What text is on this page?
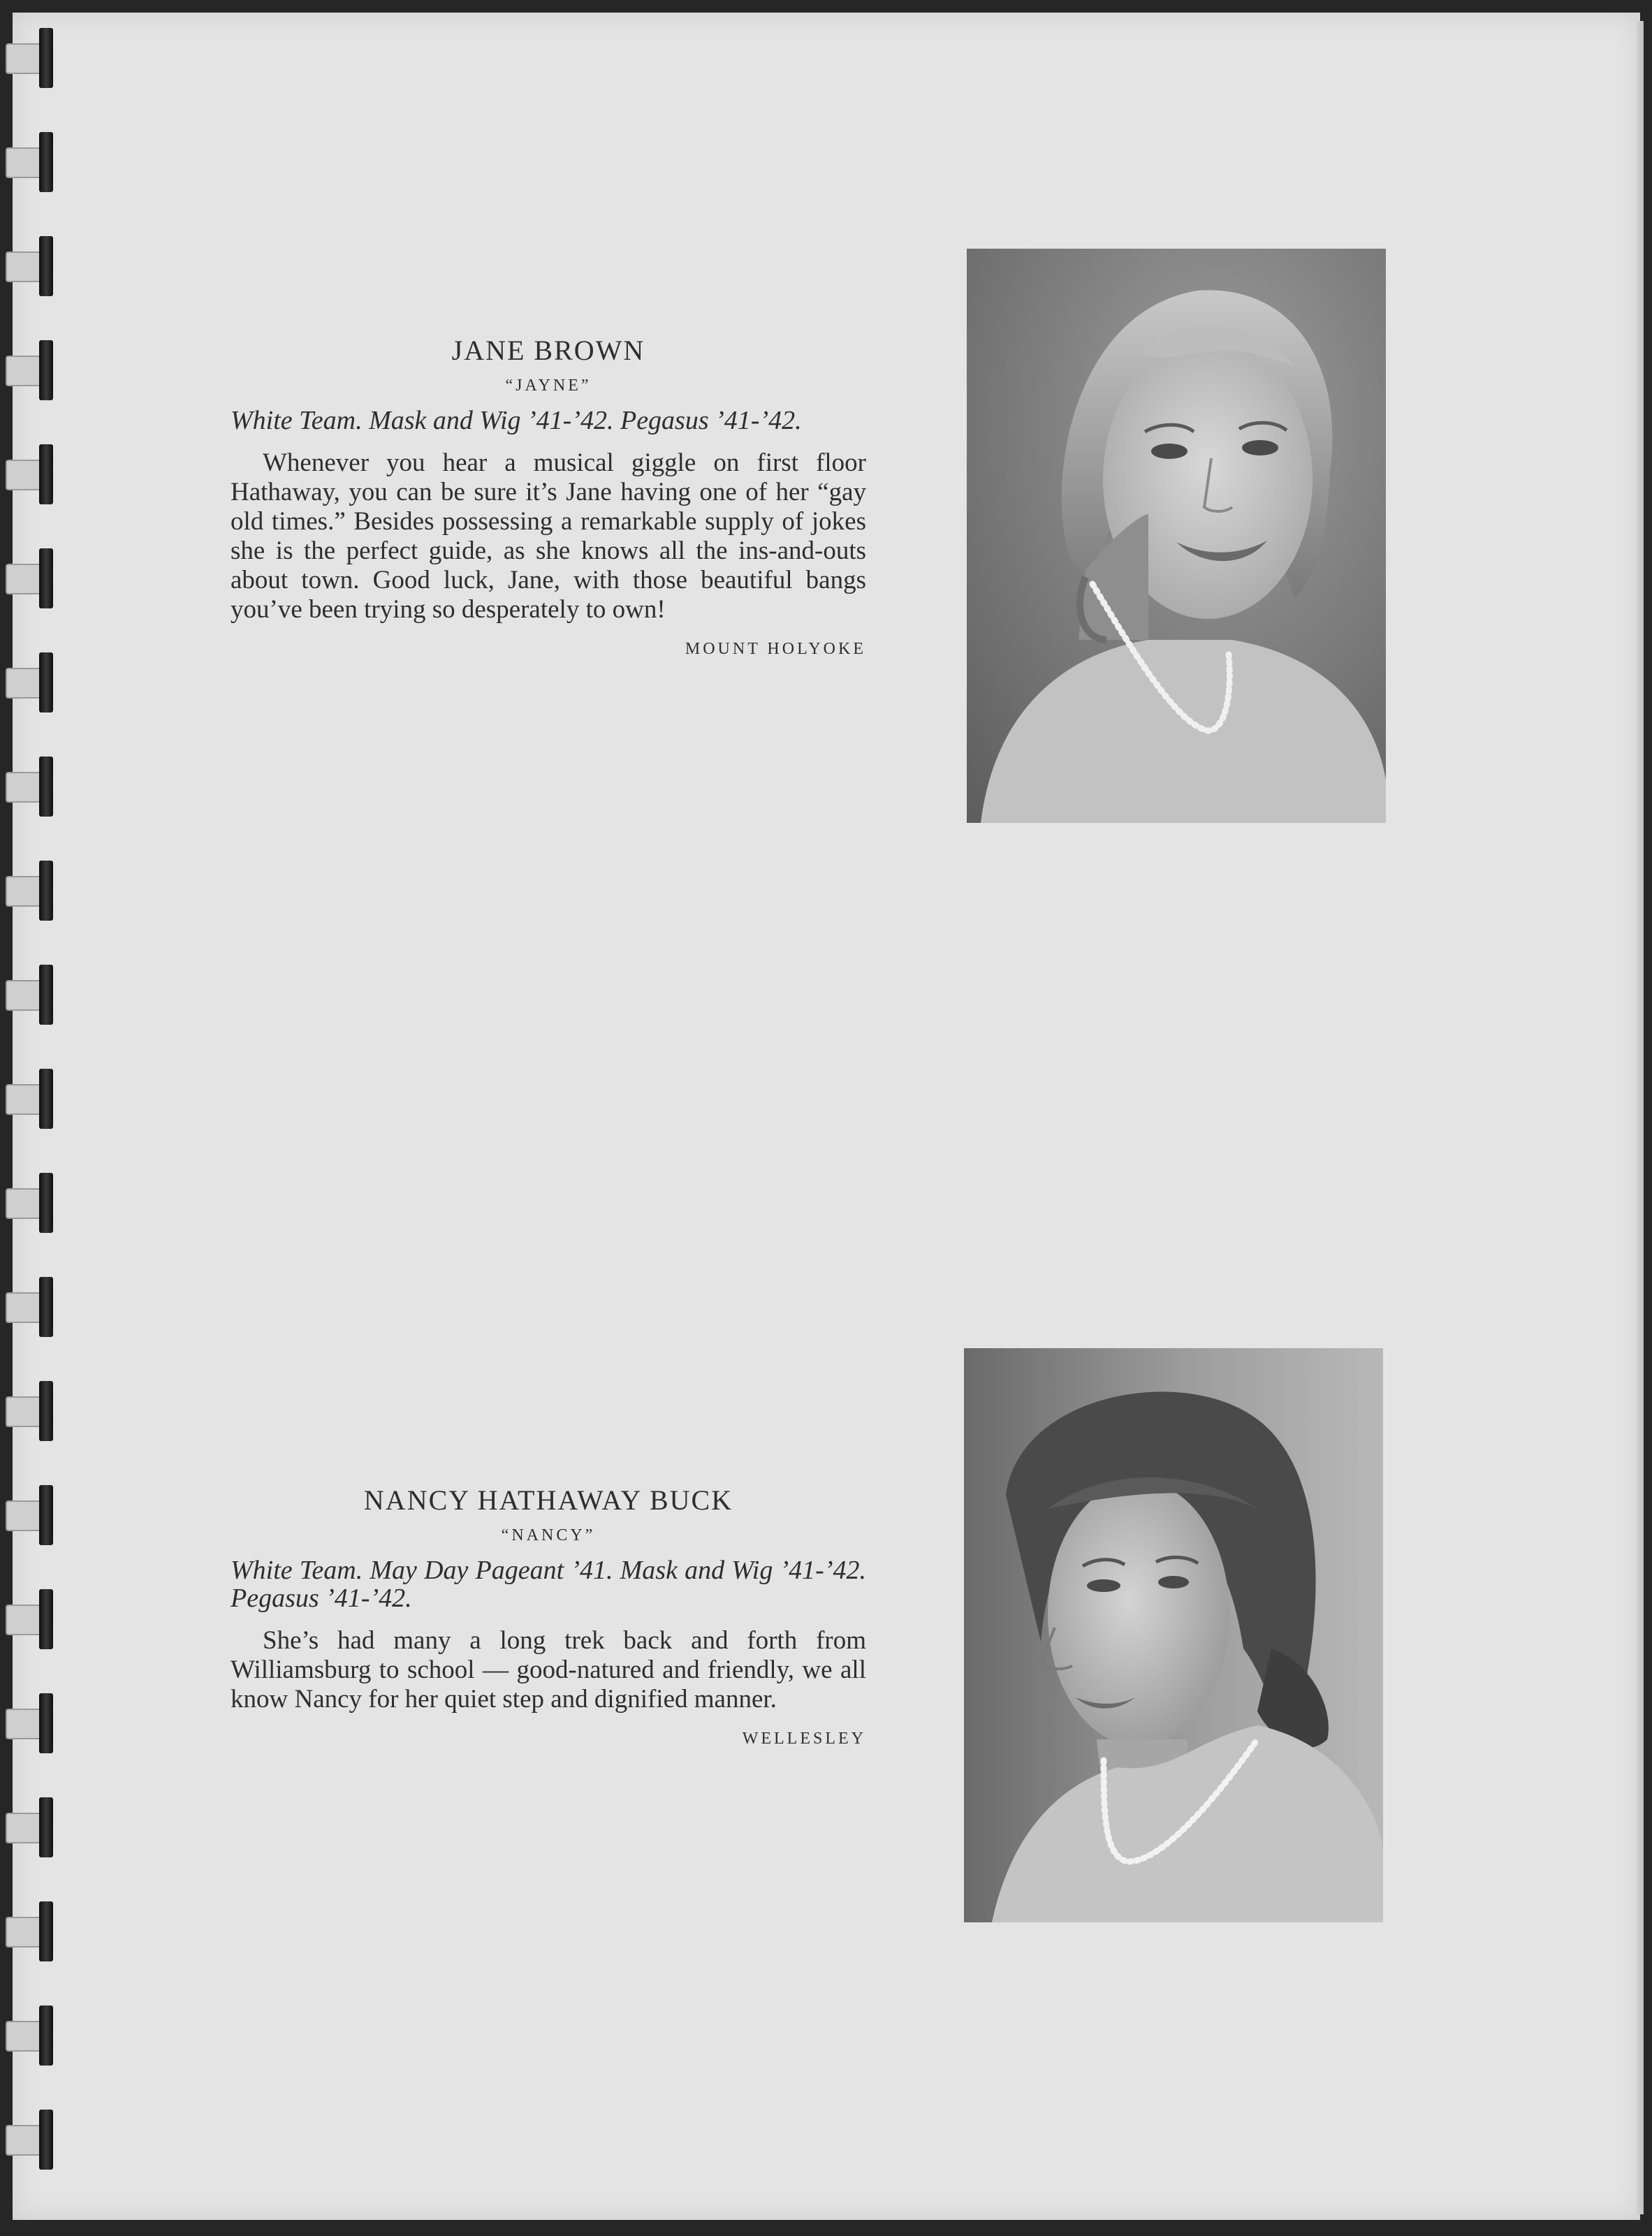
JANE BROWN

“JAYNE”

White Team. Mask and Wig ’41-’42. Pegasus ’41-’42.

Whenever you hear a musical giggle on first floor Hathaway, you can be sure it’s Jane having one of her “gay old times.” Besides possessing a remarkable supply of jokes she is the perfect guide, as she knows all the ins-and-outs about town. Good luck, Jane, with those beautiful bangs you’ve been trying so desperately to own!

MOUNT HOLYOKE

NANCY HATHAWAY BUCK

“NANCY”

White Team. May Day Pageant ’41. Mask and Wig ’41-’42. Pegasus ’41-’42.

She’s had many a long trek back and forth from Williamsburg to school — good-natured and friendly, we all know Nancy for her quiet step and dignified manner.

WELLESLEY
